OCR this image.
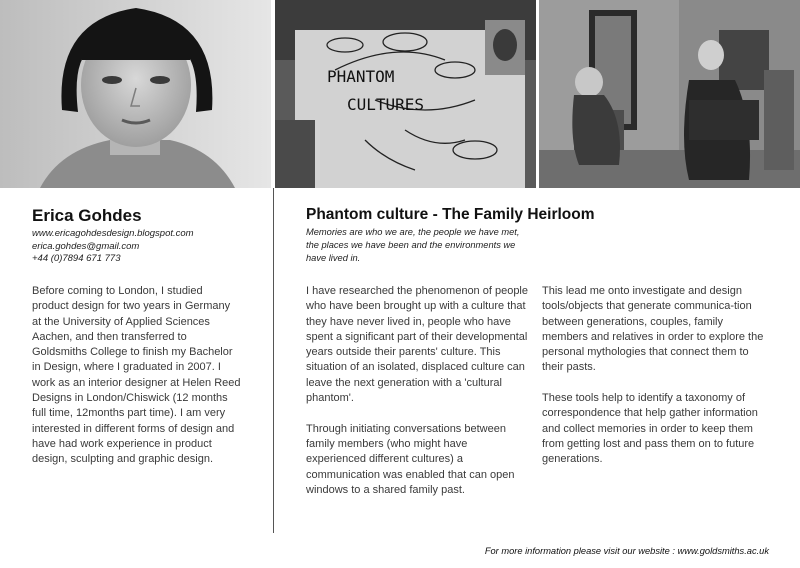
PHANTOM
CULTURES
Erica Gohdes
www.ericagohdesdesign.blogspot.com
erica.gohdes@gmail.com
+44 (0)7894 671 773
Before coming to London, I studied product design for two years in Germany at the University of Applied Sciences Aachen, and then transferred to Goldsmiths College to finish my Bachelor in Design, where I graduated in 2007. I work as an interior designer at Helen Reed Designs in London/Chiswick (12 months full time, 12months part time). I am very interested in different forms of design and have had work experience in product design, sculpting and graphic design.
Phantom culture - The Family Heirloom
Memories are who we are, the people we have met, the places we have been and the environments we have lived in.

I have researched the phenomenon of people who have been brought up with a culture that they have never lived in, people who have spent a significant part of their developmental years outside their parents' culture. This situation of an isolated, displaced culture can leave the next generation with a 'cultural phantom'.

Through initiating conversations between family members (who might have experienced different cultures) a communication was enabled that can open windows to a shared family past.

This lead me onto investigate and design tools/objects that generate communica-tion between generations, couples, family members and relatives in order to explore the personal mythologies that connect them to their pasts.

These tools help to identify a taxonomy of correspondence that help gather information and collect memories in order to keep them from getting lost and pass them on to future generations.

For more information please visit our website : www.goldsmiths.ac.uk
